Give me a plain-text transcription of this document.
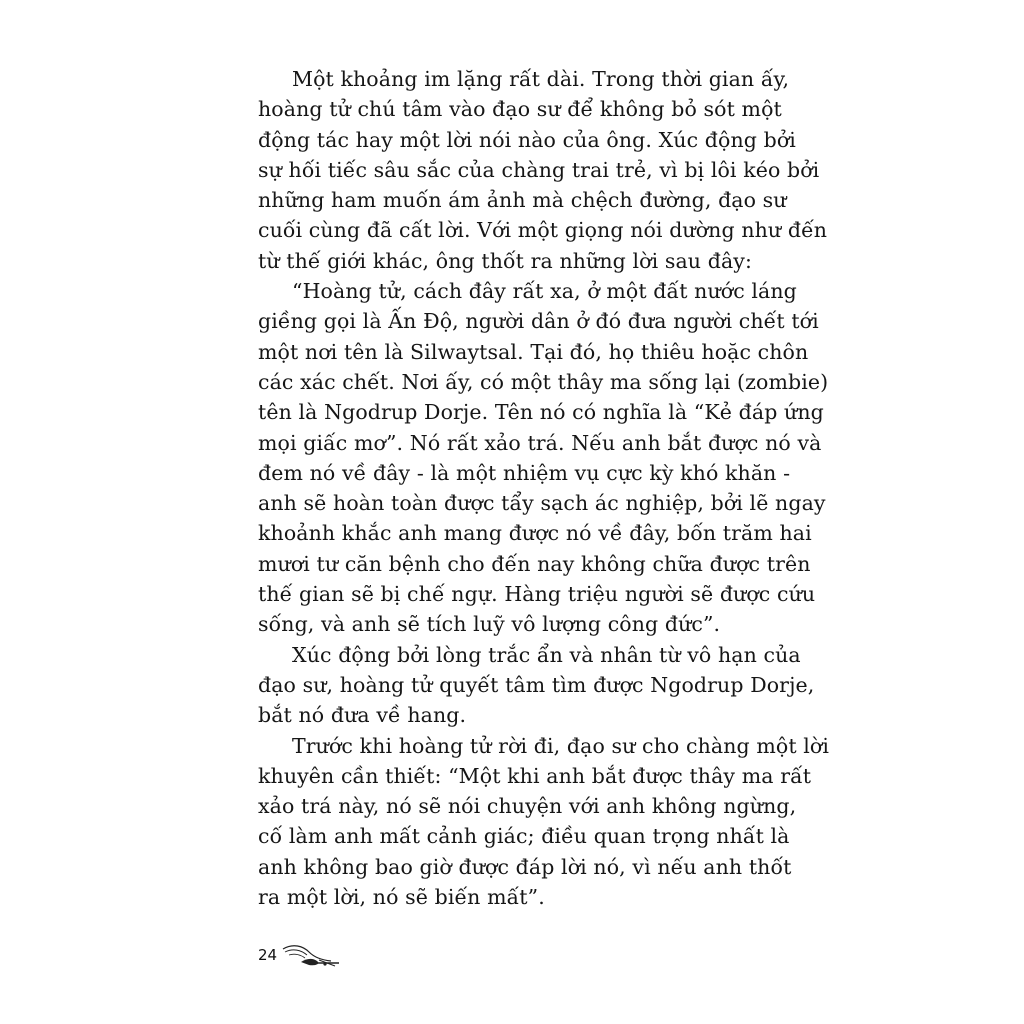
Một khoảng im lặng rất dài. Trong thời gian ấy,
hoàng tử chú tâm vào đạo sư để không bỏ sót một
động tác hay một lời nói nào của ông. Xúc động bởi
sự hối tiếc sâu sắc của chàng trai trẻ, vì bị lôi kéo bởi
những ham muốn ám ảnh mà chệch đường, đạo sư
cuối cùng đã cất lời. Với một giọng nói dường như đến
từ thế giới khác, ông thốt ra những lời sau đây:
“Hoàng tử, cách đây rất xa, ở một đất nước láng
giềng gọi là Ấn Độ, người dân ở đó đưa người chết tới
một nơi tên là Silwaytsal. Tại đó, họ thiêu hoặc chôn
các xác chết. Nơi ấy, có một thây ma sống lại (zombie)
tên là Ngodrup Dorje. Tên nó có nghĩa là “Kẻ đáp ứng
mọi giấc mơ”. Nó rất xảo trá. Nếu anh bắt được nó và
đem nó về đây - là một nhiệm vụ cực kỳ khó khăn -
anh sẽ hoàn toàn được tẩy sạch ác nghiệp, bởi lẽ ngay
khoảnh khắc anh mang được nó về đây, bốn trăm hai
mươi tư căn bệnh cho đến nay không chữa được trên
thế gian sẽ bị chế ngự. Hàng triệu người sẽ được cứu
sống, và anh sẽ tích luỹ vô lượng công đức”.
Xúc động bởi lòng trắc ẩn và nhân từ vô hạn của
đạo sư, hoàng tử quyết tâm tìm được Ngodrup Dorje,
bắt nó đưa về hang.
Trước khi hoàng tử rời đi, đạo sư cho chàng một lời
khuyên cần thiết: “Một khi anh bắt được thây ma rất
xảo trá này, nó sẽ nói chuyện với anh không ngừng,
cố làm anh mất cảnh giác; điều quan trọng nhất là
anh không bao giờ được đáp lời nó, vì nếu anh thốt
ra một lời, nó sẽ biến mất”.
24
